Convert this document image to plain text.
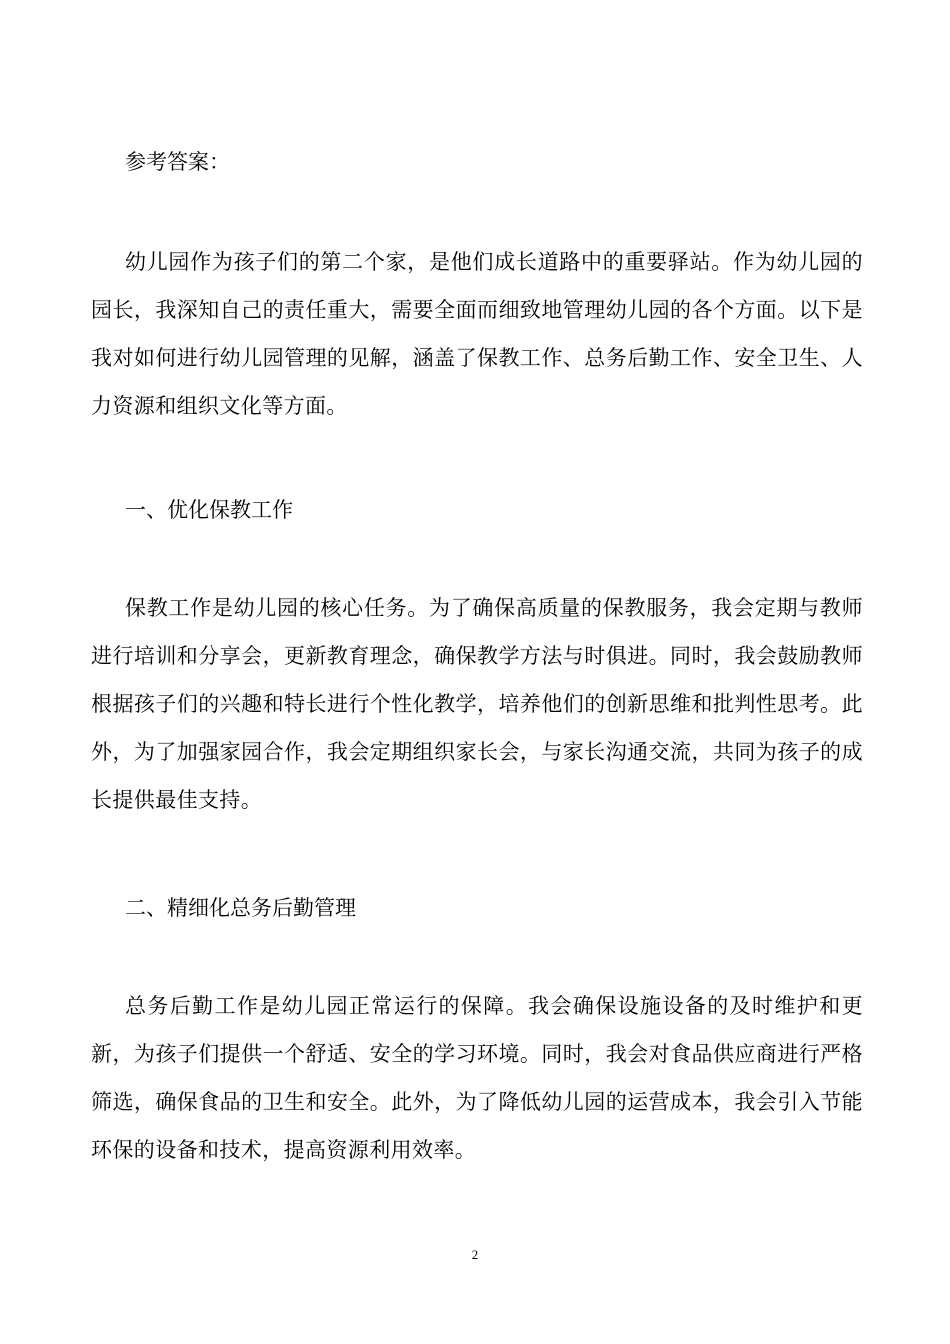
参考答案：

幼儿园作为孩子们的第二个家，是他们成长道路中的重要驿站。作为幼儿园的园长，我深知自己的责任重大，需要全面而细致地管理幼儿园的各个方面。以下是我对如何进行幼儿园管理的见解，涵盖了保教工作、总务后勤工作、安全卫生、人力资源和组织文化等方面。

一、优化保教工作

保教工作是幼儿园的核心任务。为了确保高质量的保教服务，我会定期与教师进行培训和分享会，更新教育理念，确保教学方法与时俱进。同时，我会鼓励教师根据孩子们的兴趣和特长进行个性化教学，培养他们的创新思维和批判性思考。此外，为了加强家园合作，我会定期组织家长会，与家长沟通交流，共同为孩子的成长提供最佳支持。

二、精细化总务后勤管理

总务后勤工作是幼儿园正常运行的保障。我会确保设施设备的及时维护和更新，为孩子们提供一个舒适、安全的学习环境。同时，我会对食品供应商进行严格筛选，确保食品的卫生和安全。此外，为了降低幼儿园的运营成本，我会引入节能环保的设备和技术，提高资源利用效率。

2
